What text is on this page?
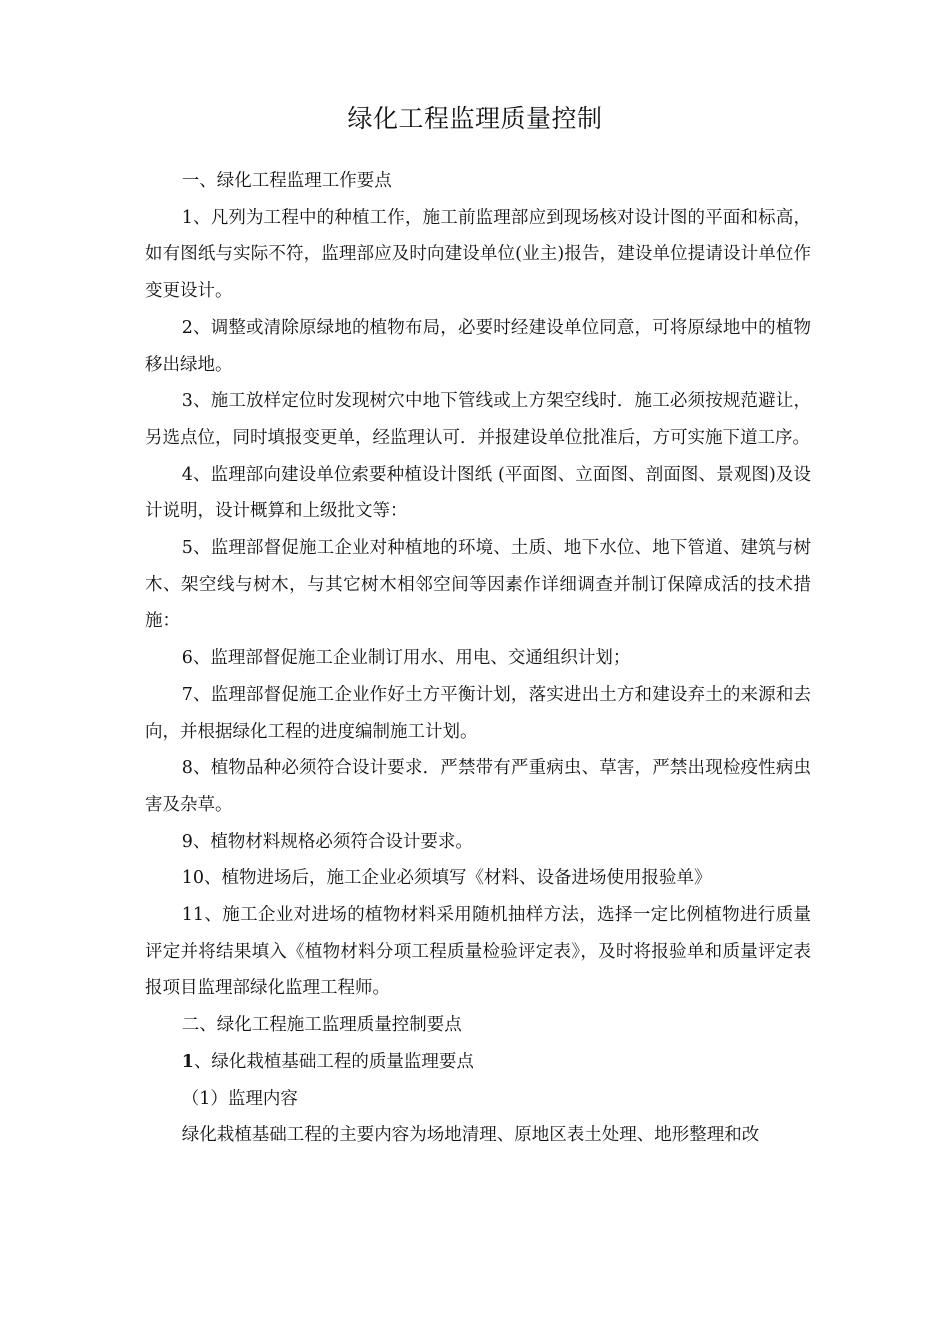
绿化工程监理质量控制

一、绿化工程监理工作要点

1、凡列为工程中的种植工作，施工前监理部应到现场核对设计图的平面和标高，如有图纸与实际不符，监理部应及时向建设单位(业主)报告，建设单位提请设计单位作变更设计。

2、调整或清除原绿地的植物布局，必要时经建设单位同意，可将原绿地中的植物移出绿地。

3、施工放样定位时发现树穴中地下管线或上方架空线时．施工必须按规范避让，另选点位，同时填报变更单，经监理认可．并报建设单位批准后，方可实施下道工序。

4、监理部向建设单位索要种植设计图纸 (平面图、立面图、剖面图、景观图)及设计说明，设计概算和上级批文等：

5、监理部督促施工企业对种植地的环境、土质、地下水位、地下管道、建筑与树木、架空线与树木，与其它树木相邻空间等因素作详细调查并制订保障成活的技术措施：

6、监理部督促施工企业制订用水、用电、交通组织计划；

7、监理部督促施工企业作好土方平衡计划，落实进出土方和建设弃土的来源和去向，并根据绿化工程的进度编制施工计划。

8、植物品种必须符合设计要求．严禁带有严重病虫、草害，严禁出现检疫性病虫害及杂草。

9、植物材料规格必须符合设计要求。

10、植物进场后，施工企业必须填写《材料、设备进场使用报验单》

11、施工企业对进场的植物材料采用随机抽样方法，选择一定比例植物进行质量评定并将结果填入《植物材料分项工程质量检验评定表》，及时将报验单和质量评定表报项目监理部绿化监理工程师。

二、绿化工程施工监理质量控制要点

1、绿化栽植基础工程的质量监理要点

（1）监理内容

绿化栽植基础工程的主要内容为场地清理、原地区表土处理、地形整理和改
